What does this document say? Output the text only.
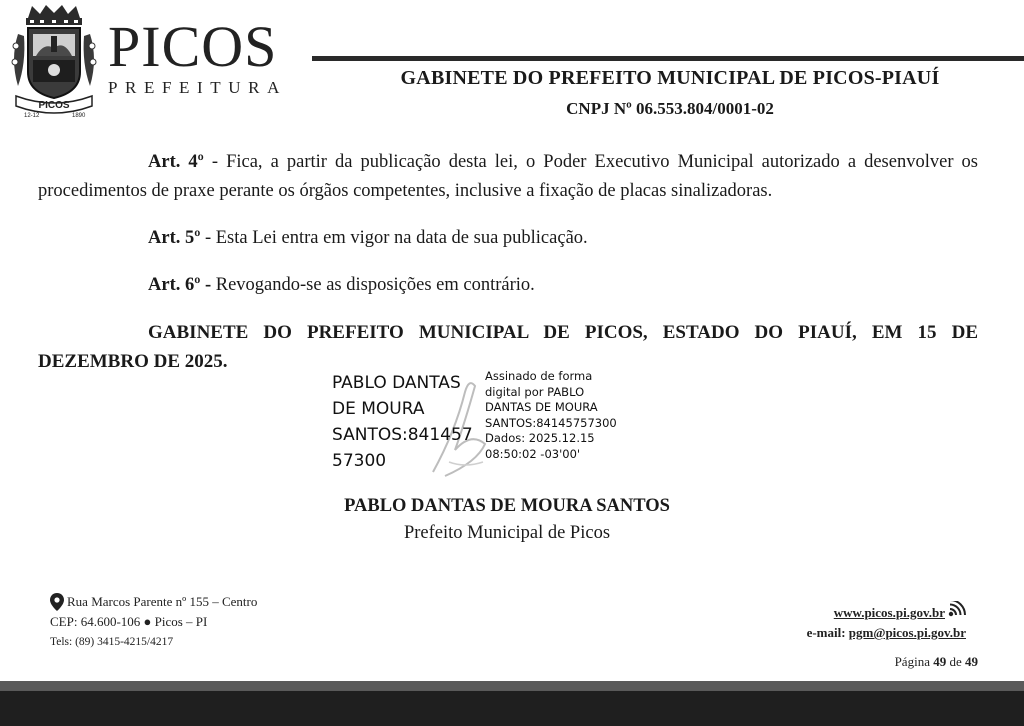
PICOS
12-12	1890
PICOS
PREFEITURA	GABINETE DO PREFEITO MUNICIPAL DE PICOS-PIAUÍ
CNPJ Nº 06.553.804/0001-02

Art. 4º - Fica, a partir da publicação desta lei, o Poder Executivo Municipal autorizado a desenvolver os procedimentos de praxe perante os órgãos competentes, inclusive a fixação de placas sinalizadoras.

Art. 5º - Esta Lei entra em vigor na data de sua publicação.

Art. 6º - Revogando-se as disposições em contrário.

GABINETE DO PREFEITO MUNICIPAL DE PICOS, ESTADO DO PIAUÍ, EM 15 DE DEZEMBRO DE 2025.

PABLO DANTAS
DE MOURA
SANTOS:841457
57300
Assinado de forma
digital por PABLO
DANTAS DE MOURA
SANTOS:84145757300
Dados: 2025.12.15
08:50:02 -03'00'
PABLO DANTAS DE MOURA SANTOS
Prefeito Municipal de Picos
Rua Marcos Parente nº 155 – Centro
CEP: 64.600-106 ● Picos – PI
Tels: (89) 3415-4215/4217
www.picos.pi.gov.br
e-mail: pgm@picos.pi.gov.br
Página 49 de 49
